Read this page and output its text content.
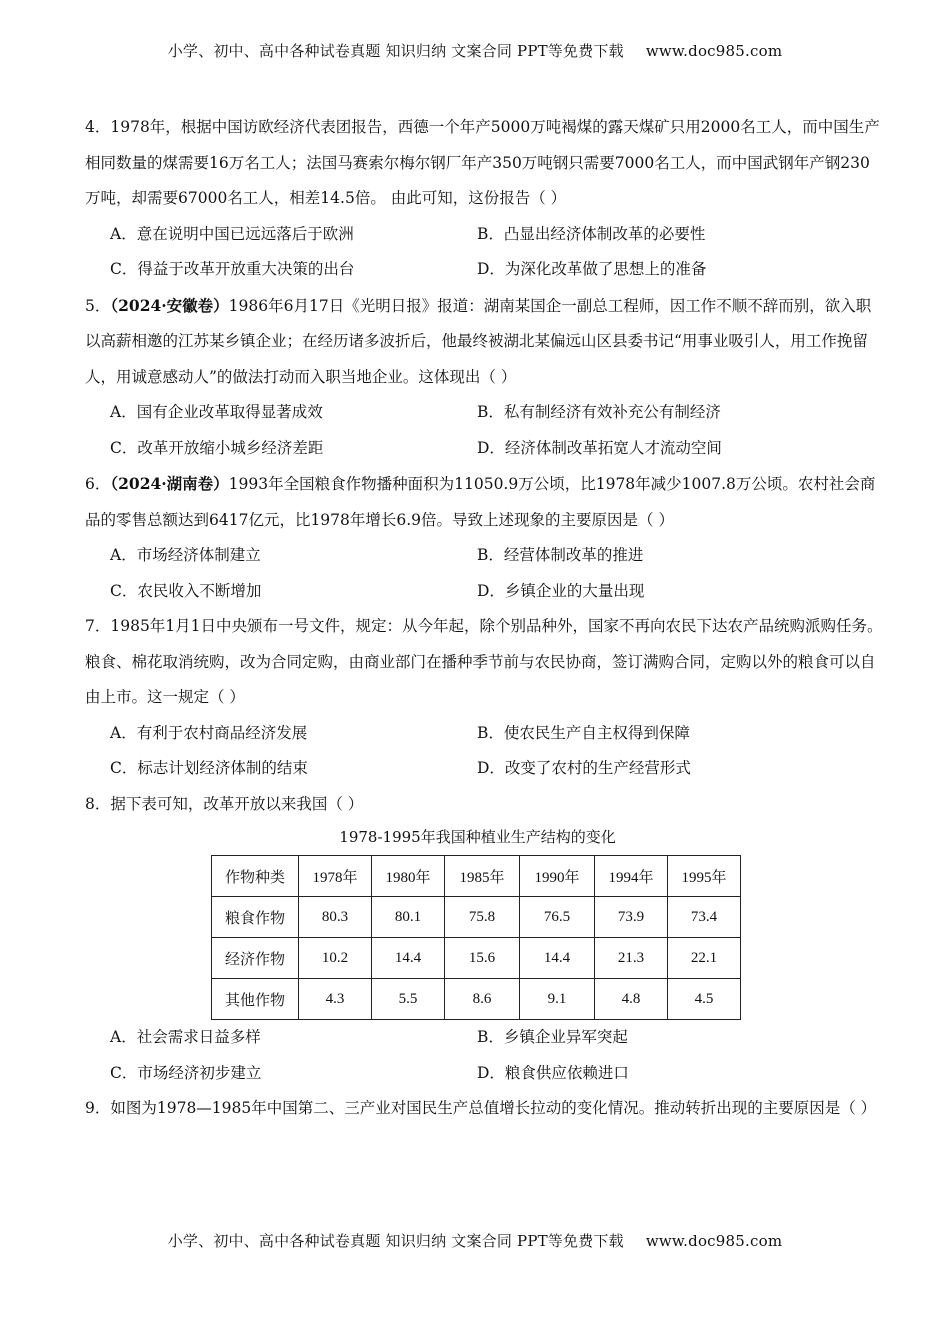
小学、初中、高中各种试卷真题 知识归纳 文案合同 PPT等免费下载 www.doc985.com
4．1978年，根据中国访欧经济代表团报告，西德一个年产5000万吨褐煤的露天煤矿只用2000名工人，而中国生产相同数量的煤需要16万名工人；法国马赛索尔梅尔钢厂年产350万吨钢只需要7000名工人，而中国武钢年产钢230万吨，却需要67000名工人，相差14.5倍。 由此可知，这份报告（ ）
A．意在说明中国已远远落后于欧洲	B．凸显出经济体制改革的必要性
C．得益于改革开放重大决策的出台	D．为深化改革做了思想上的准备
5．（2024·安徽卷）1986年6月17日《光明日报》报道：湖南某国企一副总工程师，因工作不顺不辞而别，欲入职以高薪相邀的江苏某乡镇企业；在经历诸多波折后，他最终被湖北某偏远山区县委书记“用事业吸引人，用工作挽留人，用诚意感动人”的做法打动而入职当地企业。这体现出（ ）
A．国有企业改革取得显著成效	B．私有制经济有效补充公有制经济
C．改革开放缩小城乡经济差距	D．经济体制改革拓宽人才流动空间
6．（2024·湖南卷）1993年全国粮食作物播种面积为11050.9万公顷，比1978年减少1007.8万公顷。农村社会商品的零售总额达到6417亿元，比1978年增长6.9倍。导致上述现象的主要原因是（ ）
A．市场经济体制建立	B．经营体制改革的推进
C．农民收入不断增加	D．乡镇企业的大量出现
7．1985年1月1日中央颁布一号文件，规定：从今年起，除个别品种外，国家不再向农民下达农产品统购派购任务。粮食、棉花取消统购，改为合同定购，由商业部门在播种季节前与农民协商，签订满购合同，定购以外的粮食可以自由上市。这一规定（ ）
A．有利于农村商品经济发展	B．使农民生产自主权得到保障
C．标志计划经济体制的结束	D．改变了农村的生产经营形式
8．据下表可知，改革开放以来我国（ ）
1978-1995年我国种植业生产结构的变化
作物种类	1978年	1980年	1985年	1990年	1994年	1995年
粮食作物	80.3	80.1	75.8	76.5	73.9	73.4
经济作物	10.2	14.4	15.6	14.4	21.3	22.1
其他作物	4.3	5.5	8.6	9.1	4.8	4.5
A．社会需求日益多样	B．乡镇企业异军突起
C．市场经济初步建立	D．粮食供应依赖进口
9．如图为1978—1985年中国第二、三产业对国民生产总值增长拉动的变化情况。推动转折出现的主要原因是（ ）
小学、初中、高中各种试卷真题 知识归纳 文案合同 PPT等免费下载 www.doc985.com
